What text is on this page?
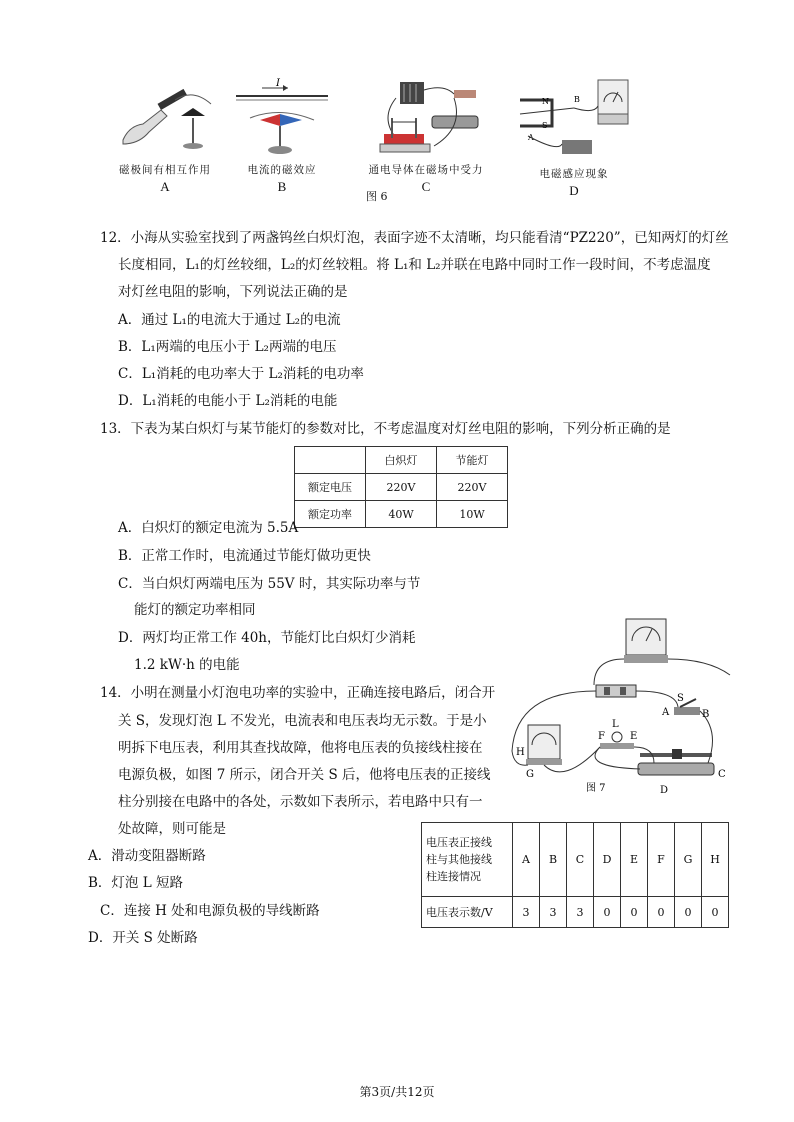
磁极间有相互作用
A
I
电流的磁效应
B
通电导体在磁场中受力
C
N
S
B
A
电磁感应现象
D
图 6
12．小海从实验室找到了两盏钨丝白炽灯泡，表面字迹不太清晰，均只能看清“PZ220”，已知两灯的灯丝
长度相同，L₁的灯丝较细，L₂的灯丝较粗。将 L₁和 L₂并联在电路中同时工作一段时间，不考虑温度
对灯丝电阻的影响，下列说法正确的是
A．通过 L₁的电流大于通过 L₂的电流
B．L₁两端的电压小于 L₂两端的电压
C．L₁消耗的电功率大于 L₂消耗的电功率
D．L₁消耗的电能小于 L₂消耗的电能
13．下表为某白炽灯与某节能灯的参数对比，不考虑温度对灯丝电阻的影响，下列分析正确的是
	白炽灯	节能灯
额定电压	220V	220V
额定功率	40W	10W
A．白炽灯的额定电流为 5.5A
B．正常工作时，电流通过节能灯做功更快
C．当白炽灯两端电压为 55V 时，其实际功率与节
能灯的额定功率相同
D．两灯均正常工作 40h，节能灯比白炽灯少消耗
1.2 kW·h 的电能
14．小明在测量小灯泡电功率的实验中，正确连接电路后，闭合开
关 S，发现灯泡 L 不发光，电流表和电压表均无示数。于是小
明拆下电压表，利用其查找故障，他将电压表的负接线柱接在
电源负极，如图 7 所示，闭合开关 S 后，他将电压表的正接线
柱分别接在电路中的各处，示数如下表所示，若电路中只有一
处故障，则可能是
S
A	B
L
F	E
H
G	C
D
图 7
电压表正接线
柱与其他接线
柱连接情况	A	B	C	D	E	F	G	H
电压表示数/V	3	3	3	0	0	0	0	0
A．滑动变阻器断路
B．灯泡 L 短路
C．连接 H 处和电源负极的导线断路
D．开关 S 处断路
第3页/共12页
